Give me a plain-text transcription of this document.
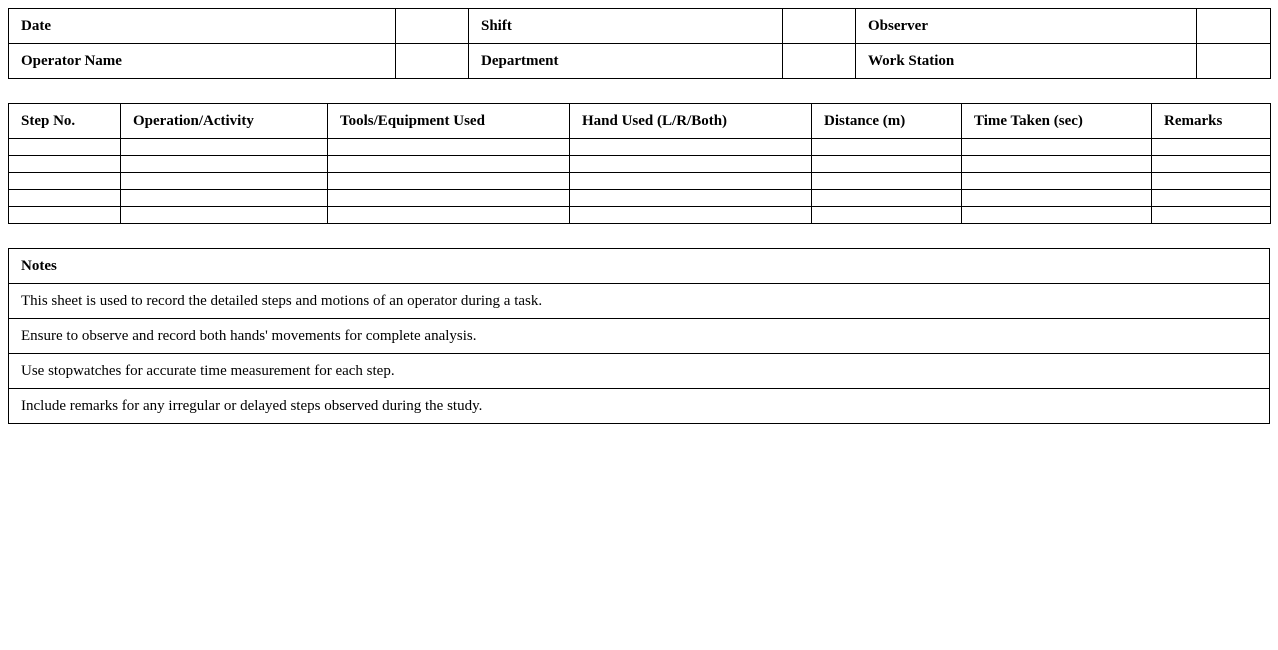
Date		Shift		Observer	
Operator Name		Department		Work Station	
Step No.	Operation/Activity	Tools/Equipment Used	Hand Used (L/R/Both)	Distance (m)	Time Taken (sec)	Remarks

Notes
This sheet is used to record the detailed steps and motions of an operator during a task.
Ensure to observe and record both hands' movements for complete analysis.
Use stopwatches for accurate time measurement for each step.
Include remarks for any irregular or delayed steps observed during the study.
